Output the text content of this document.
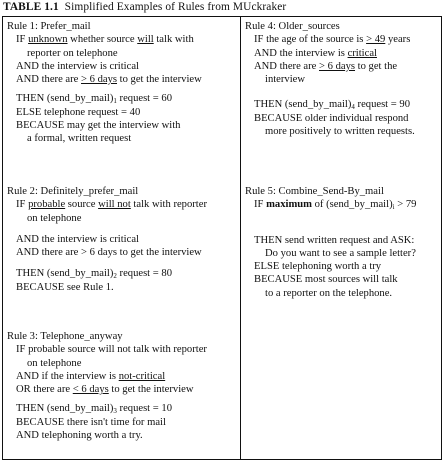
TABLE 1.1 Simplified Examples of Rules from MUckraker
Rule 1: Prefer_mail
IF unknown whether source will talk with
reporter on telephone
AND the interview is critical
AND there are > 6 days to get the interview
THEN $(send\_by\_mail)_1$ request = 60
ELSE telephone request = 40
BECAUSE may get the interview with
a formal, written request
Rule 2: Definitely_prefer_mail
IF probable source will not talk with reporter
on telephone
AND the interview is critical
AND there are > 6 days to get the interview
THEN $(send\_by\_mail)_2$ request = 80
BECAUSE see Rule 1.
Rule 3: Telephone_anyway
IF probable source will not talk with reporter
on telephone
AND if the interview is not-critical
OR there are < 6 days to get the interview
THEN $(send\_by\_mail)_3$ request = 10
BECAUSE there isn't time for mail
AND telephoning worth a try.
Rule 4: Older_sources
IF the age of the source is > 49 years
AND the interview is critical
AND there are > 6 days to get the
interview
THEN $(send\_by\_mail)_4$ request = 90
BECAUSE older individual respond
more positively to written requests.
Rule 5: Combine_Send-By_mail
IF maximum of $(send\_by\_mail)_i > 79$
THEN send written request and ASK:
Do you want to see a sample letter?
ELSE telephoning worth a try
BECAUSE most sources will talk
to a reporter on the telephone.
